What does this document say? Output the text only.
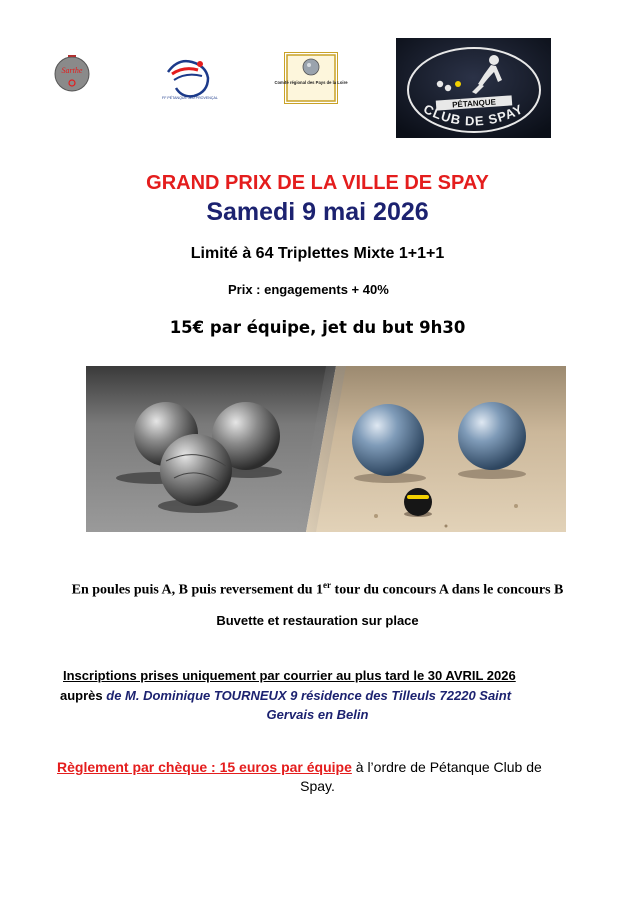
Sarthe
FF PÉTANQUE JEU PROVENÇAL
Comité régional des Pays de la Loire
PÉTANQUE
CLUB DE SPAY
GRAND PRIX DE LA VILLE DE SPAY
Samedi 9 mai 2026
Limité à 64 Triplettes Mixte 1+1+1
Prix : engagements + 40%
15€ par équipe, jet du but 9h30
En poules puis A, B puis reversement du 1er tour du concours A dans le concours B
Buvette et restauration sur place
Inscriptions prises uniquement par courrier au plus tard le 30 AVRIL 2026
auprès de M. Dominique TOURNEUX 9 résidence des Tilleuls 72220 Saint
Gervais en Belin
Règlement par chèque : 15 euros par équipe à l’ordre de Pétanque Club de
Spay.
